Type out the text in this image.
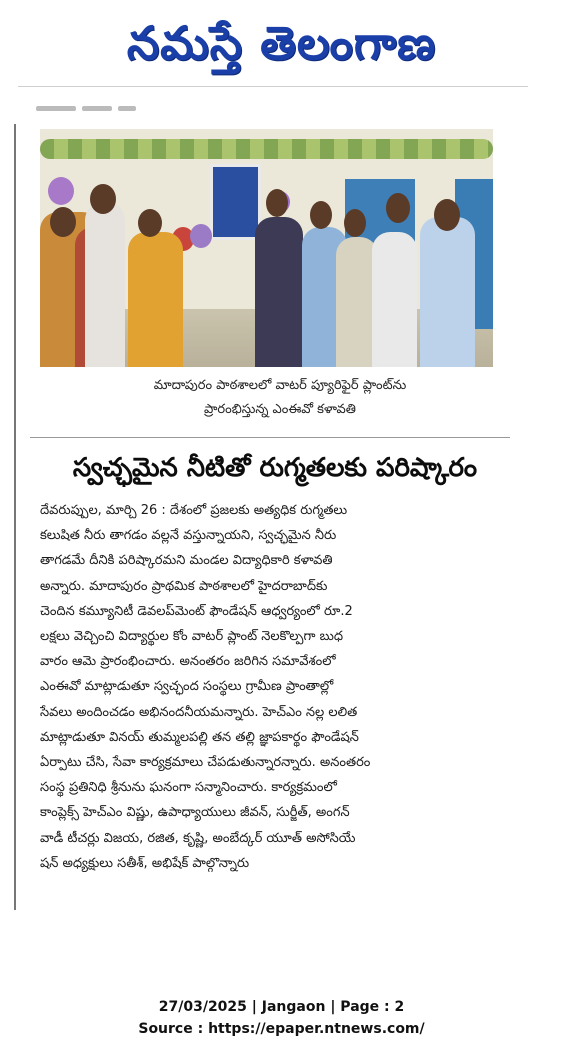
నమస్తే తెలంగాణ
మాదాపురం పాఠశాలలో వాటర్ ప్యూరిఫైర్ ప్లాంట్‌ను
ప్రారంభిస్తున్న ఎంఈవో కళావతి
స్వచ్ఛమైన నీటితో రుగ్మతలకు పరిష్కారం
దేవరుప్పుల, మార్చి 26 : దేశంలో ప్రజలకు అత్యధిక రుగ్మతలు
కలుషిత నీరు తాగడం వల్లనే వస్తున్నాయని, స్వచ్ఛమైన నీరు
తాగడమే దీనికి పరిష్కారమని మండల విద్యాధికారి కళావతి
అన్నారు. మాదాపురం ప్రాథమిక పాఠశాలలో హైదరాబాద్‌కు
చెందిన కమ్యూనిటీ డెవలప్‌మెంట్ ఫౌండేషన్ ఆధ్వర్యంలో రూ.2
లక్షలు వెచ్చించి విద్యార్థుల కోం వాటర్ ప్లాంట్ నెలకొల్పగా బుధ
వారం ఆమె ప్రారంభించారు. అనంతరం జరిగిన సమావేశంలో
ఎంఈవో మాట్లాడుతూ స్వచ్ఛంద సంస్థలు గ్రామీణ ప్రాంతాల్లో
సేవలు అందించడం అభినందనీయమన్నారు. హెచ్‌ఎం నల్ల లలిత
మాట్లాడుతూ వినయ్ తుమ్మలపల్లి తన తల్లి జ్ఞాపకార్థం ఫౌండేషన్
ఏర్పాటు చేసి, సేవా కార్యక్రమాలు చేపడుతున్నారన్నారు. అనంతరం
సంస్థ ప్రతినిధి శ్రీనును ఘనంగా సన్మానించారు. కార్యక్రమంలో
కాంప్లెక్స్ హెచ్‌ఎం విష్ణు, ఉపాధ్యాయులు జీవన్, సుర్జీత్, అంగన్
వాడీ టీచర్లు విజయ, రజిత, కృష్ణి, అంబేద్కర్ యూత్ అసోసియే
షన్ అధ్యక్షులు సతీశ్, అభిషేక్ పాల్గొన్నారు
27/03/2025 | Jangaon | Page : 2
Source : https://epaper.ntnews.com/
